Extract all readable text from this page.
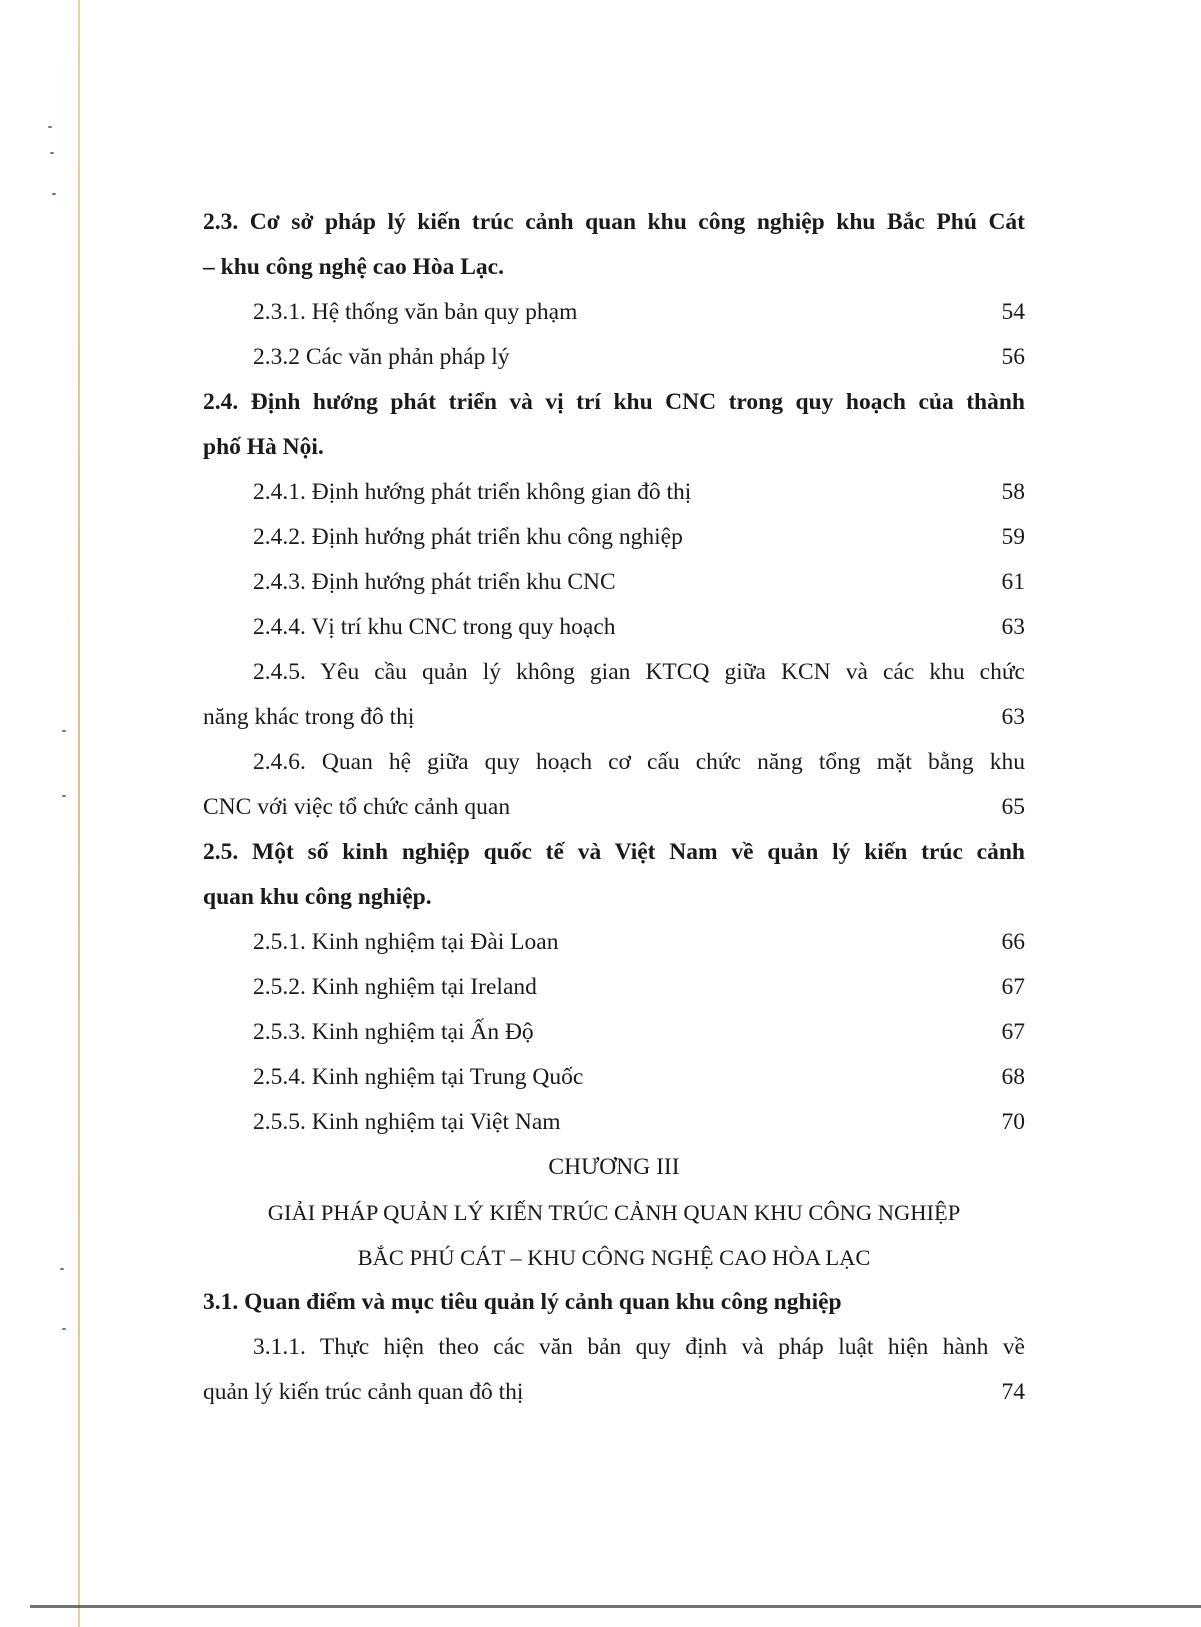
2.3. Cơ sở pháp lý kiến trúc cảnh quan khu công nghiệp khu Bắc Phú Cát
– khu công nghệ cao Hòa Lạc.
2.3.1. Hệ thống văn bản quy phạm	54
2.3.2 Các văn phản pháp lý	56
2.4. Định hướng phát triển và vị trí khu CNC trong quy hoạch của thành
phố Hà Nội.
2.4.1. Định hướng phát triển không gian đô thị	58
2.4.2. Định hướng phát triển khu công nghiệp	59
2.4.3. Định hướng phát triển khu CNC	61
2.4.4. Vị trí khu CNC trong quy hoạch	63
2.4.5. Yêu cầu quản lý không gian KTCQ giữa KCN và các khu chức
năng khác trong đô thị	63
2.4.6. Quan hệ giữa quy hoạch cơ cấu chức năng tổng mặt bằng khu
CNC với việc tổ chức cảnh quan	65
2.5. Một số kinh nghiệp quốc tế và Việt Nam về quản lý kiến trúc cảnh
quan khu công nghiệp.
2.5.1. Kinh nghiệm tại Đài Loan	66
2.5.2. Kinh nghiệm tại Ireland	67
2.5.3. Kinh nghiệm tại Ấn Độ	67
2.5.4. Kinh nghiệm tại Trung Quốc	68
2.5.5. Kinh nghiệm tại Việt Nam	70
CHƯƠNG III
GIẢI PHÁP QUẢN LÝ KIẾN TRÚC CẢNH QUAN KHU CÔNG NGHIỆP
BẮC PHÚ CÁT – KHU CÔNG NGHỆ CAO HÒA LẠC
3.1. Quan điểm và mục tiêu quản lý cảnh quan khu công nghiệp
3.1.1. Thực hiện theo các văn bản quy định và pháp luật hiện hành về
quản lý kiến trúc cảnh quan đô thị	74
